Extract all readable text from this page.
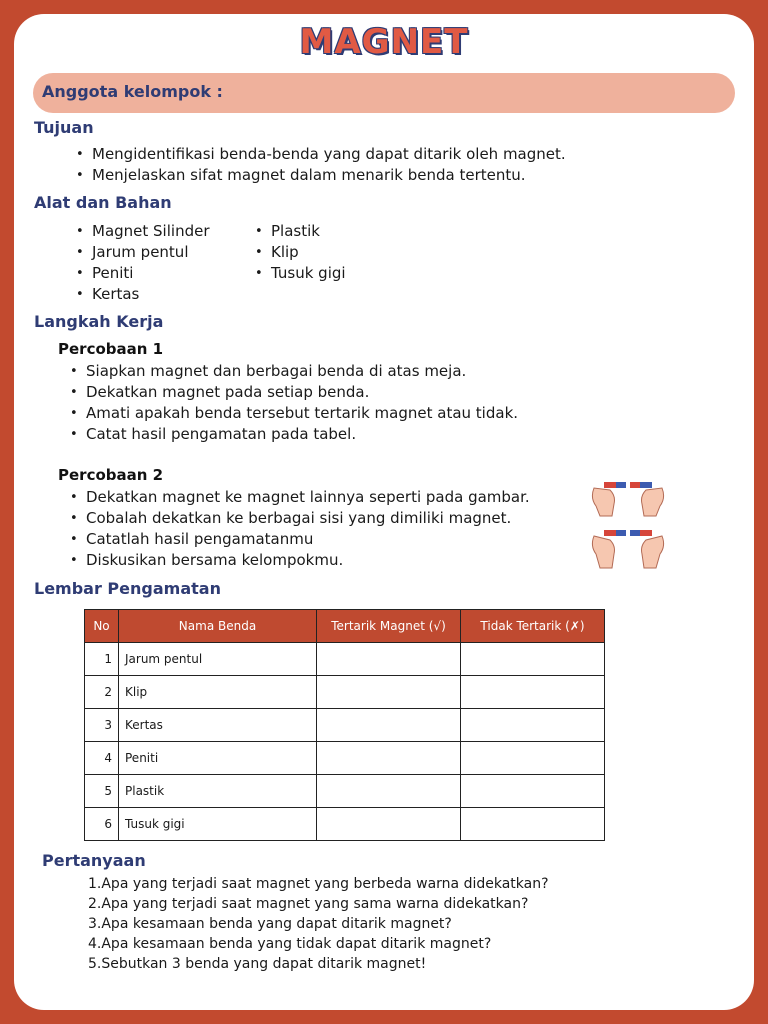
MAGNET
Anggota kelompok :
Tujuan
• Mengidentifikasi benda-benda yang dapat ditarik oleh magnet.
• Menjelaskan sifat magnet dalam menarik benda tertentu.
Alat dan Bahan
• Magnet Silinder
• Jarum pentul
• Peniti
• Kertas
• Plastik
• Klip
• Tusuk gigi
Langkah Kerja
Percobaan 1
• Siapkan magnet dan berbagai benda di atas meja.
• Dekatkan magnet pada setiap benda.
• Amati apakah benda tersebut tertarik magnet atau tidak.
• Catat hasil pengamatan pada tabel.
Percobaan 2
• Dekatkan magnet ke magnet lainnya seperti pada gambar.
• Cobalah dekatkan ke berbagai sisi yang dimiliki magnet.
• Catatlah hasil pengamatanmu
• Diskusikan bersama kelompokmu.
Lembar Pengamatan
No	Nama Benda	Tertarik Magnet (√)	Tidak Tertarik (✗)
1	Jarum pentul		
2	Klip		
3	Kertas		
4	Peniti		
5	Plastik		
6	Tusuk gigi		
Pertanyaan
1.Apa yang terjadi saat magnet yang berbeda warna didekatkan?
2.Apa yang terjadi saat magnet yang sama warna didekatkan?
3.Apa kesamaan benda yang dapat ditarik magnet?
4.Apa kesamaan benda yang tidak dapat ditarik magnet?
5.Sebutkan 3 benda yang dapat ditarik magnet!
